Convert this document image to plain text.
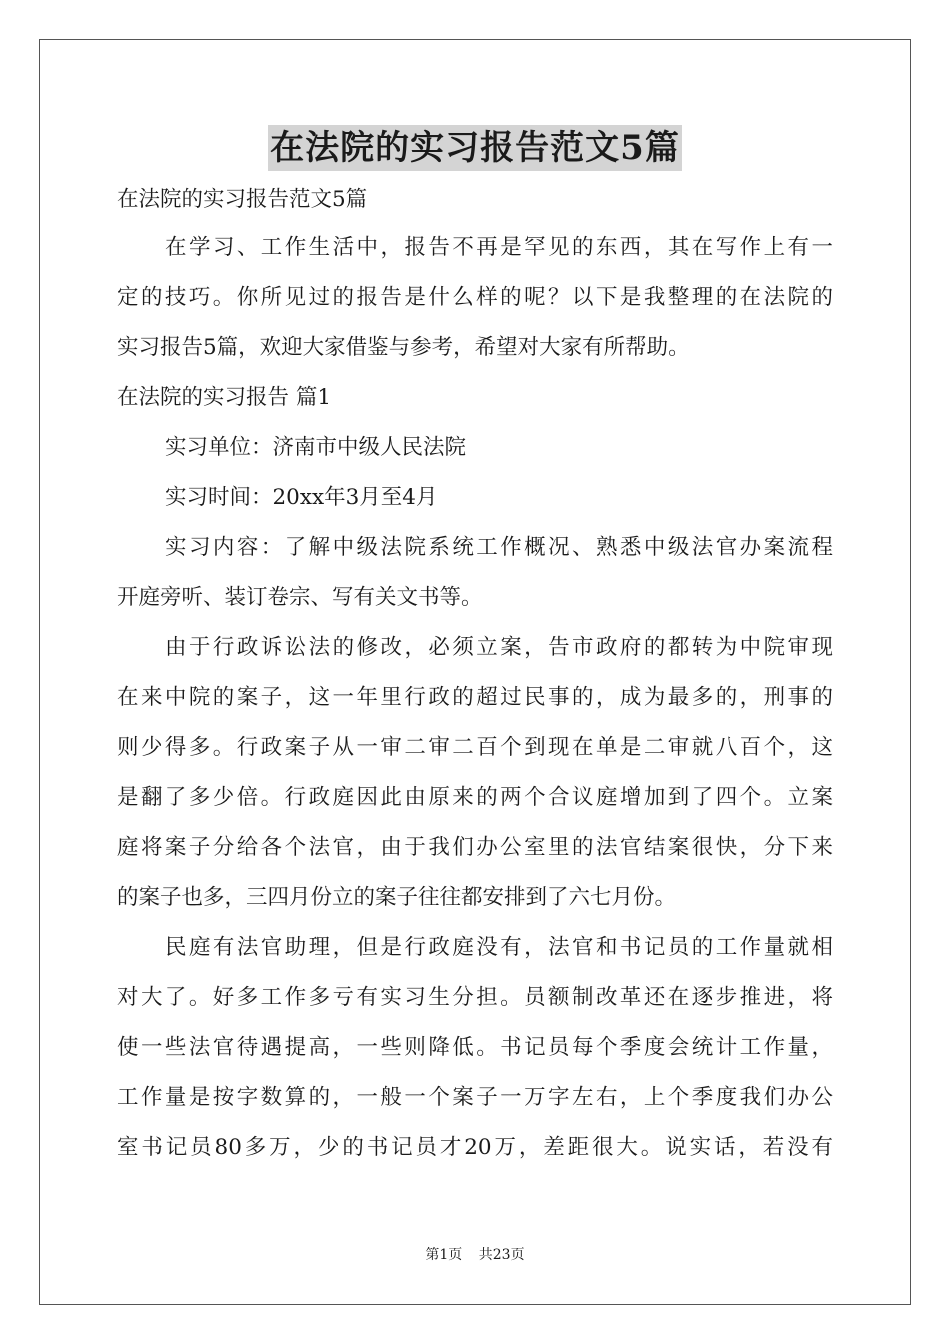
在法院的实习报告范文5篇
在法院的实习报告范文5篇
在学习、工作生活中，报告不再是罕见的东西，其在写作上有一
定的技巧。你所见过的报告是什么样的呢？以下是我整理的在法院的
实习报告5篇，欢迎大家借鉴与参考，希望对大家有所帮助。
在法院的实习报告 篇1
实习单位：济南市中级人民法院
实习时间：20xx年3月至4月
实习内容：了解中级法院系统工作概况、熟悉中级法官办案流程
开庭旁听、装订卷宗、写有关文书等。
由于行政诉讼法的修改，必须立案，告市政府的都转为中院审现
在来中院的案子，这一年里行政的超过民事的，成为最多的，刑事的
则少得多。行政案子从一审二审二百个到现在单是二审就八百个，这
是翻了多少倍。行政庭因此由原来的两个合议庭增加到了四个。立案
庭将案子分给各个法官，由于我们办公室里的法官结案很快，分下来
的案子也多，三四月份立的案子往往都安排到了六七月份。
民庭有法官助理，但是行政庭没有，法官和书记员的工作量就相
对大了。好多工作多亏有实习生分担。员额制改革还在逐步推进，将
使一些法官待遇提高，一些则降低。书记员每个季度会统计工作量，
工作量是按字数算的，一般一个案子一万字左右，上个季度我们办公
室书记员80多万，少的书记员才20万，差距很大。说实话，若没有
第1页 共23页
